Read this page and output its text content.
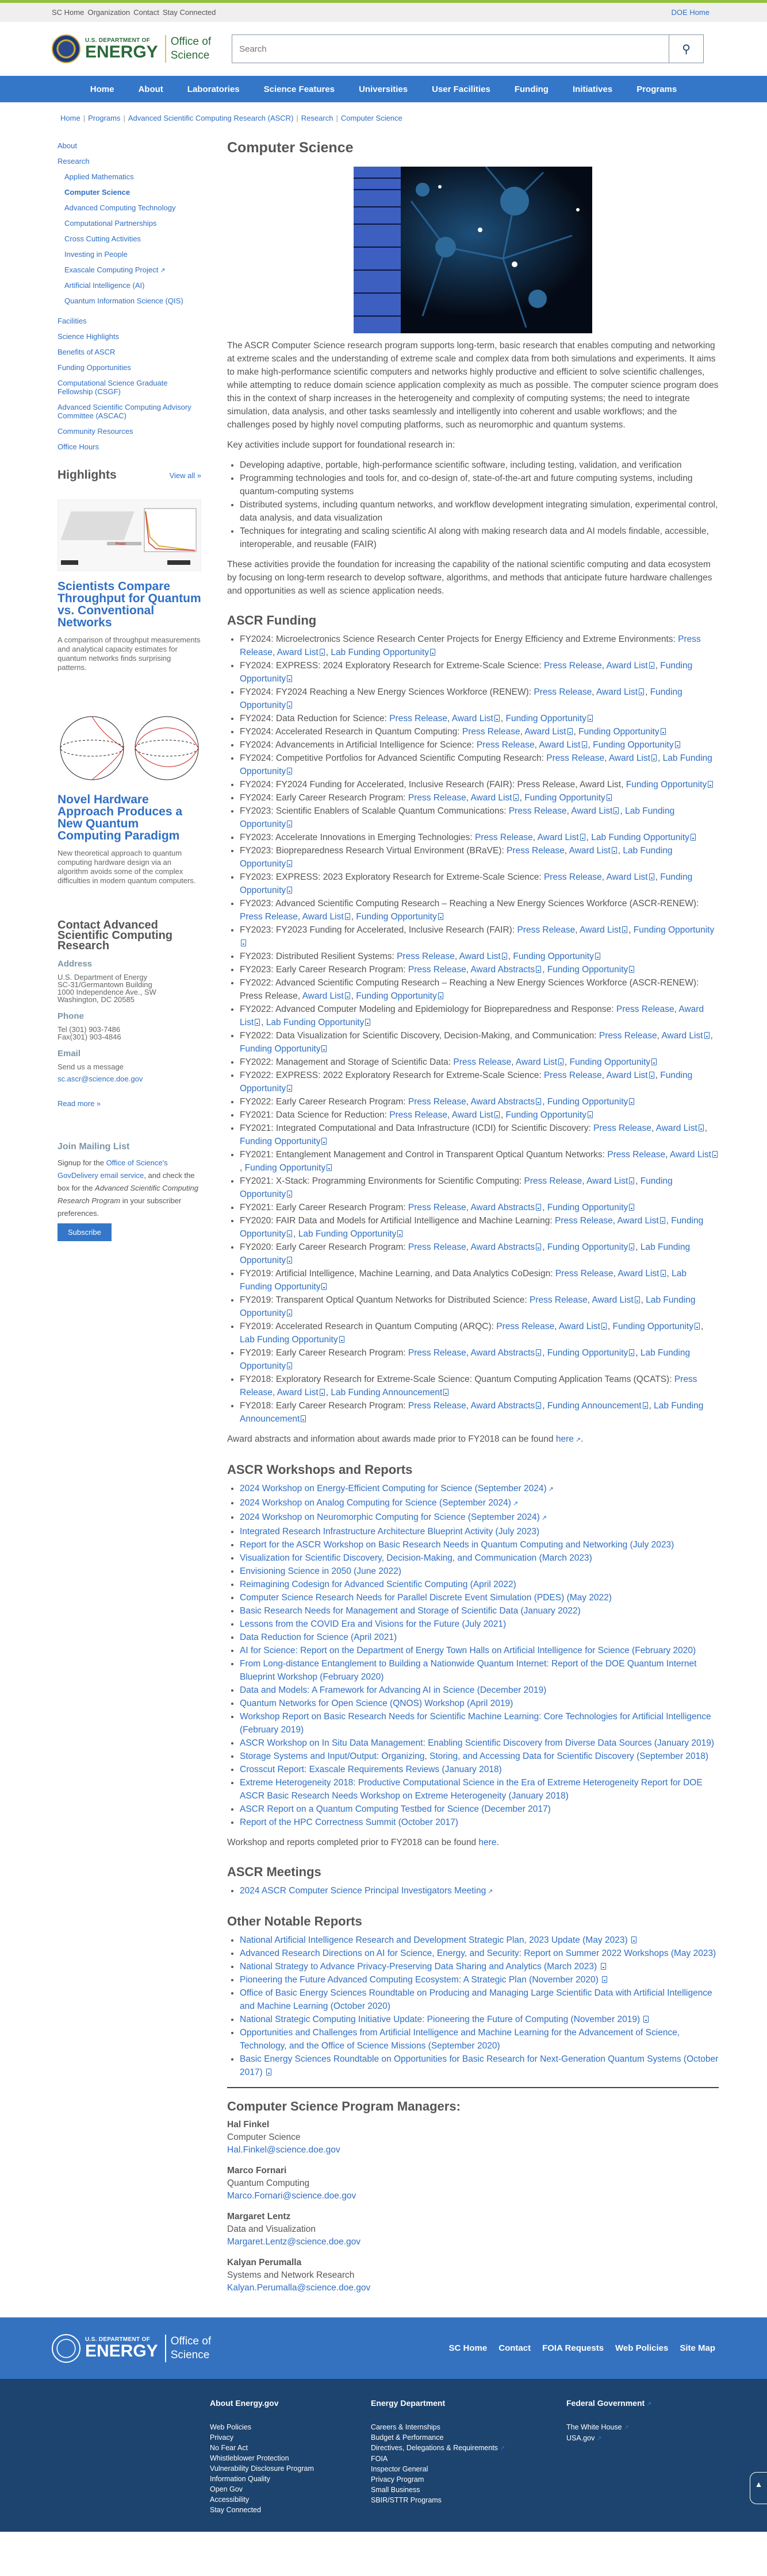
SC Home Organization Contact Stay Connected	DOE Home
U.S. DEPARTMENT OF
ENERGY
Office of
Science
Search	⚲
Home	About	Laboratories	Science Features	Universities	User Facilities	Funding	Initiatives	Programs
Home | Programs | Advanced Scientific Computing Research (ASCR) | Research | Computer Science
About
Research
Applied Mathematics
Computer Science
Advanced Computing Technology
Computational Partnerships
Cross Cutting Activities
Investing in People
Exascale Computing Project ↗
Artificial Intelligence (AI)
Quantum Information Science (QIS)
Facilities
Science Highlights
Benefits of ASCR
Funding Opportunities
Computational Science Graduate Fellowship (CSGF)
Advanced Scientific Computing Advisory Committee (ASCAC)
Community Resources
Office Hours
Highlights	View all »
Polatis
Scientists Compare Throughput for Quantum vs. Conventional Networks
A comparison of throughput measurements and analytical capacity estimates for quantum networks finds surprising patterns.
Novel Hardware Approach Produces a New Quantum Computing Paradigm
New theoretical approach to quantum computing hardware design via an algorithm avoids some of the complex difficulties in modern quantum computers.
Contact Advanced Scientific Computing Research
Address

U.S. Department of Energy
SC-31/Germantown Building
1000 Independence Ave., SW
Washington, DC 20585

Phone

Tel (301) 903-7486
Fax(301) 903-4846

Email

Send us a message

sc.ascr@science.doe.gov

Read more »

Join Mailing List

Signup for the Office of Science's GovDelivery email service, and check the box for the Advanced Scientific Computing Research Program in your subscriber preferences.

Subscribe
Computer Science

The ASCR Computer Science research program supports long-term, basic research that enables computing and networking at extreme scales and the understanding of extreme scale and complex data from both simulations and experiments. It aims to make high-performance scientific computers and networks highly productive and efficient to solve scientific challenges, while attempting to reduce domain science application complexity as much as possible. The computer science program does this in the context of sharp increases in the heterogeneity and complexity of computing systems; the need to integrate simulation, data analysis, and other tasks seamlessly and intelligently into coherent and usable workflows; and the challenges posed by highly novel computing platforms, such as neuromorphic and quantum systems.

Key activities include support for foundational research in:

• Developing adaptive, portable, high-performance scientific software, including testing, validation, and verification
• Programming technologies and tools for, and co-design of, state-of-the-art and future computing systems, including quantum-computing systems
• Distributed systems, including quantum networks, and workflow development integrating simulation, experimental control, data analysis, and data visualization
• Techniques for integrating and scaling scientific AI along with making research data and AI models findable, accessible, interoperable, and reusable (FAIR)

These activities provide the foundation for increasing the capability of the national scientific computing and data ecosystem by focusing on long-term research to develop software, algorithms, and methods that anticipate future hardware challenges and opportunities as well as science application needs.

ASCR Funding
• FY2024: Microelectronics Science Research Center Projects for Energy Efficiency and Extreme Environments: Press Release, Award List , Lab Funding Opportunity
• FY2024: EXPRESS: 2024 Exploratory Research for Extreme-Scale Science: Press Release, Award List , Funding Opportunity
• FY2024: FY2024 Reaching a New Energy Sciences Workforce (RENEW): Press Release, Award List , Funding Opportunity
• FY2024: Data Reduction for Science: Press Release, Award List , Funding Opportunity
• FY2024: Accelerated Research in Quantum Computing: Press Release, Award List , Funding Opportunity
• FY2024: Advancements in Artificial Intelligence for Science: Press Release, Award List , Funding Opportunity
• FY2024: Competitive Portfolios for Advanced Scientific Computing Research: Press Release, Award List , Lab Funding Opportunity
• FY2024: FY2024 Funding for Accelerated, Inclusive Research (FAIR): Press Release, Award List, Funding Opportunity
• FY2024: Early Career Research Program: Press Release, Award List , Funding Opportunity
• FY2023: Scientific Enablers of Scalable Quantum Communications: Press Release, Award List , Lab Funding Opportunity
• FY2023: Accelerate Innovations in Emerging Technologies: Press Release, Award List , Lab Funding Opportunity
• FY2023: Biopreparedness Research Virtual Environment (BRaVE): Press Release, Award List , Lab Funding Opportunity
• FY2023: EXPRESS: 2023 Exploratory Research for Extreme-Scale Science: Press Release, Award List , Funding Opportunity
• FY2023: Advanced Scientific Computing Research – Reaching a New Energy Sciences Workforce (ASCR-RENEW): Press Release, Award List , Funding Opportunity
• FY2023: FY2023 Funding for Accelerated, Inclusive Research (FAIR): Press Release, Award List , Funding Opportunity
• FY2023: Distributed Resilient Systems: Press Release, Award List , Funding Opportunity
• FY2023: Early Career Research Program: Press Release, Award Abstracts , Funding Opportunity
• FY2022: Advanced Scientific Computing Research – Reaching a New Energy Sciences Workforce (ASCR-RENEW): Press Release, Award List , Funding Opportunity
• FY2022: Advanced Computer Modeling and Epidemiology for Biopreparedness and Response: Press Release, Award List , Lab Funding Opportunity
• FY2022: Data Visualization for Scientific Discovery, Decision-Making, and Communication: Press Release, Award List , Funding Opportunity
• FY2022: Management and Storage of Scientific Data: Press Release, Award List , Funding Opportunity
• FY2022: EXPRESS: 2022 Exploratory Research for Extreme-Scale Science: Press Release, Award List , Funding Opportunity
• FY2022: Early Career Research Program: Press Release, Award Abstracts , Funding Opportunity
• FY2021: Data Science for Reduction: Press Release, Award List , Funding Opportunity
• FY2021: Integrated Computational and Data Infrastructure (ICDI) for Scientific Discovery: Press Release, Award List , Funding Opportunity
• FY2021: Entanglement Management and Control in Transparent Optical Quantum Networks: Press Release, Award List, Funding Opportunity
• FY2021: X-Stack: Programming Environments for Scientific Computing: Press Release, Award List , Funding Opportunity
• FY2021: Early Career Research Program: Press Release, Award Abstracts , Funding Opportunity
• FY2020: FAIR Data and Models for Artificial Intelligence and Machine Learning: Press Release, Award List , Funding Opportunity , Lab Funding Opportunity
• FY2020: Early Career Research Program: Press Release, Award Abstracts , Funding Opportunity , Lab Funding Opportunity
• FY2019: Artificial Intelligence, Machine Learning, and Data Analytics CoDesign: Press Release, Award List , Lab Funding Opportunity
• FY2019: Transparent Optical Quantum Networks for Distributed Science: Press Release, Award List , Lab Funding Opportunity
• FY2019: Accelerated Research in Quantum Computing (ARQC): Press Release, Award List , Funding Opportunity , Lab Funding Opportunity
• FY2019: Early Career Research Program: Press Release, Award Abstracts , Funding Opportunity , Lab Funding Opportunity
• FY2018: Exploratory Research for Extreme-Scale Science: Quantum Computing Application Teams (QCATS): Press Release, Award List , Lab Funding Announcement
• FY2018: Early Career Research Program: Press Release, Award Abstracts , Funding Announcement , Lab Funding Announcement

Award abstracts and information about awards made prior to FY2018 can be found here ↗.

ASCR Workshops and Reports
• 2024 Workshop on Energy-Efficient Computing for Science (September 2024) ↗
• 2024 Workshop on Analog Computing for Science (September 2024) ↗
• 2024 Workshop on Neuromorphic Computing for Science (September 2024) ↗
• Integrated Research Infrastructure Architecture Blueprint Activity (July 2023)
• Report for the ASCR Workshop on Basic Research Needs in Quantum Computing and Networking (July 2023)
• Visualization for Scientific Discovery, Decision-Making, and Communication (March 2023)
• Envisioning Science in 2050 (June 2022)
• Reimagining Codesign for Advanced Scientific Computing (April 2022)
• Computer Science Research Needs for Parallel Discrete Event Simulation (PDES) (May 2022)
• Basic Research Needs for Management and Storage of Scientific Data (January 2022)
• Lessons from the COVID Era and Visions for the Future (July 2021)
• Data Reduction for Science (April 2021)
• AI for Science: Report on the Department of Energy Town Halls on Artificial Intelligence for Science (February 2020)
• From Long-distance Entanglement to Building a Nationwide Quantum Internet: Report of the DOE Quantum Internet Blueprint Workshop (February 2020)
• Data and Models: A Framework for Advancing AI in Science (December 2019)
• Quantum Networks for Open Science (QNOS) Workshop (April 2019)
• Workshop Report on Basic Research Needs for Scientific Machine Learning: Core Technologies for Artificial Intelligence (February 2019)
• ASCR Workshop on In Situ Data Management: Enabling Scientific Discovery from Diverse Data Sources (January 2019)
• Storage Systems and Input/Output: Organizing, Storing, and Accessing Data for Scientific Discovery (September 2018)
• Crosscut Report: Exascale Requirements Reviews (January 2018)
• Extreme Heterogeneity 2018: Productive Computational Science in the Era of Extreme Heterogeneity Report for DOE ASCR Basic Research Needs Workshop on Extreme Heterogeneity (January 2018)
• ASCR Report on a Quantum Computing Testbed for Science (December 2017)
• Report of the HPC Correctness Summit (October 2017)

Workshop and reports completed prior to FY2018 can be found here.

ASCR Meetings
• 2024 ASCR Computer Science Principal Investigators Meeting ↗
Other Notable Reports
• National Artificial Intelligence Research and Development Strategic Plan, 2023 Update (May 2023)
• Advanced Research Directions on AI for Science, Energy, and Security: Report on Summer 2022 Workshops (May 2023)
• National Strategy to Advance Privacy-Preserving Data Sharing and Analytics (March 2023)
• Pioneering the Future Advanced Computing Ecosystem: A Strategic Plan (November 2020)
• Office of Basic Energy Sciences Roundtable on Producing and Managing Large Scientific Data with Artificial Intelligence and Machine Learning (October 2020)
• National Strategic Computing Initiative Update: Pioneering the Future of Computing (November 2019)
• Opportunities and Challenges from Artificial Intelligence and Machine Learning for the Advancement of Science, Technology, and the Office of Science Missions (September 2020)
• Basic Energy Sciences Roundtable on Opportunities for Basic Research for Next-Generation Quantum Systems (October 2017)
Computer Science Program Managers:
Hal Finkel
Computer Science
Hal.Finkel@science.doe.gov
Marco Fornari
Quantum Computing
Marco.Fornari@science.doe.gov
Margaret Lentz
Data and Visualization
Margaret.Lentz@science.doe.gov
Kalyan Perumalla
Systems and Network Research
Kalyan.Perumalla@science.doe.gov
U.S. DEPARTMENT OF
ENERGY
Office of
Science
SC Home Contact FOIA Requests Web Policies Site Map
About Energy.gov
Web Policies
Privacy
No Fear Act
Whistleblower Protection
Vulnerability Disclosure Program
Information Quality
Open Gov
Accessibility
Stay Connected
Energy Department
Careers & Internships
Budget & Performance
Directives, Delegations & Requirements ↗
FOIA
Inspector General
Privacy Program
Small Business
SBIR/STTR Programs
Federal Government ↗
The White House ↗
USA.gov ↗
▲
